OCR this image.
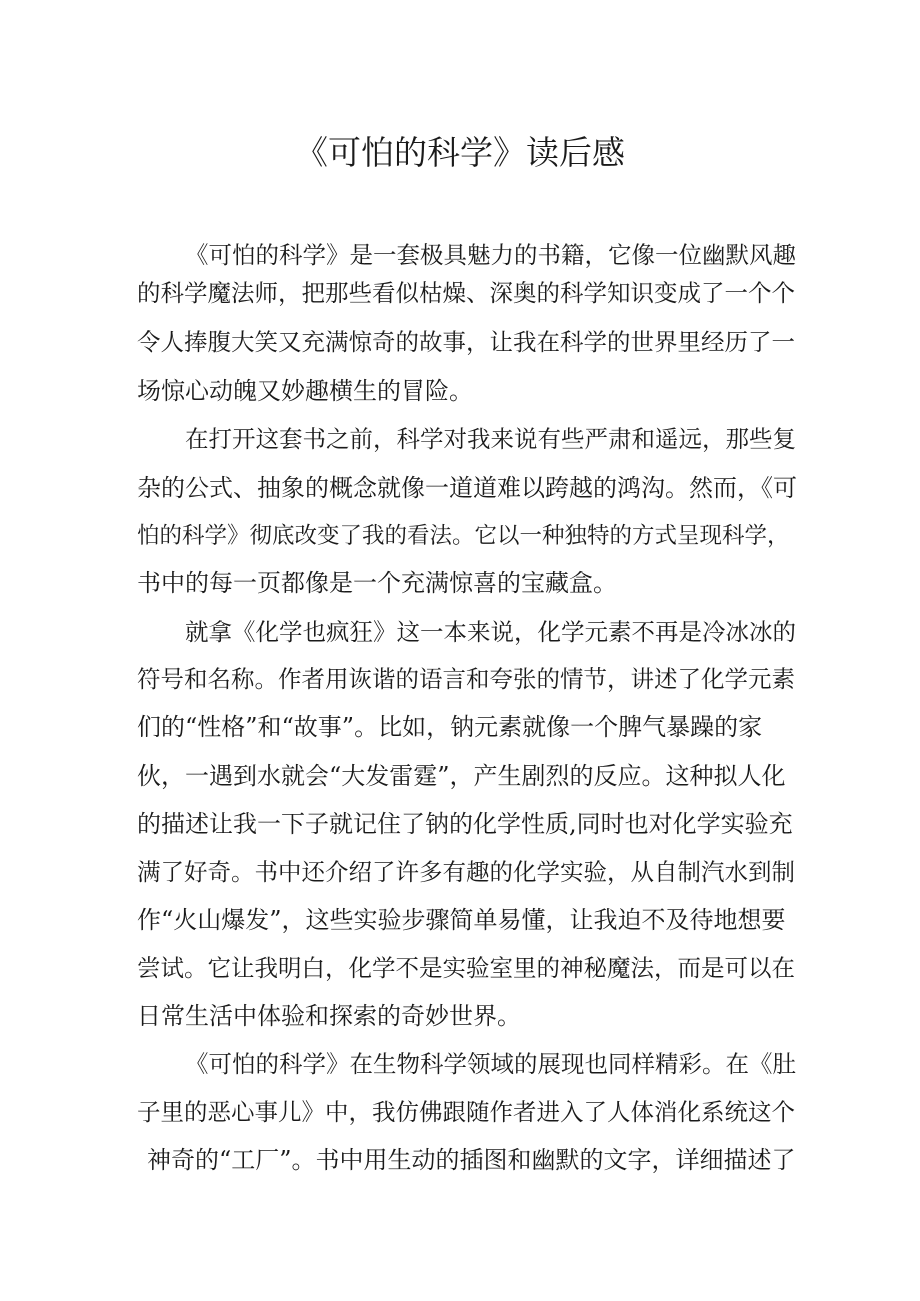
《可怕的科学》读后感

《可怕的科学》是一套极具魅力的书籍，它像一位幽默风趣

的科学魔法师，把那些看似枯燥、深奥的科学知识变成了一个个

令人捧腹大笑又充满惊奇的故事，让我在科学的世界里经历了一

场惊心动魄又妙趣横生的冒险。

在打开这套书之前，科学对我来说有些严肃和遥远，那些复

杂的公式、抽象的概念就像一道道难以跨越的鸿沟。然而，《可

怕的科学》彻底改变了我的看法。它以一种独特的方式呈现科学，

书中的每一页都像是一个充满惊喜的宝藏盒。

就拿《化学也疯狂》这一本来说，化学元素不再是冷冰冰的

符号和名称。作者用诙谐的语言和夸张的情节，讲述了化学元素

们的“性格”和“故事”。比如，钠元素就像一个脾气暴躁的家

伙，一遇到水就会“大发雷霆”，产生剧烈的反应。这种拟人化

的描述让我一下子就记住了钠的化学性质,同时也对化学实验充

满了好奇。书中还介绍了许多有趣的化学实验，从自制汽水到制

作“火山爆发”，这些实验步骤简单易懂，让我迫不及待地想要

尝试。它让我明白，化学不是实验室里的神秘魔法，而是可以在

日常生活中体验和探索的奇妙世界。

《可怕的科学》在生物科学领域的展现也同样精彩。在《肚

子里的恶心事儿》中，我仿佛跟随作者进入了人体消化系统这个

神奇的“工厂”。书中用生动的插图和幽默的文字，详细描述了
